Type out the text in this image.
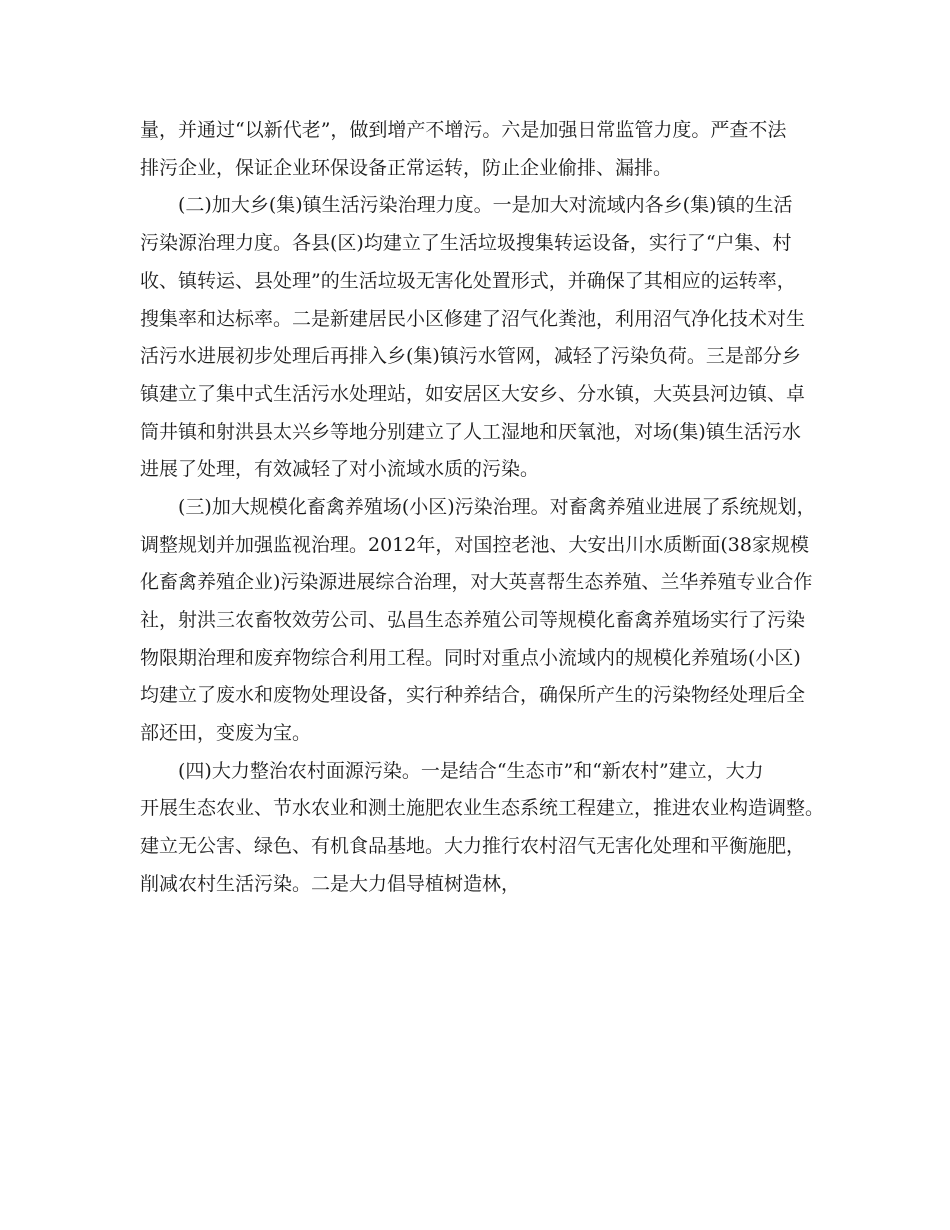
量，并通过“以新代老”，做到增产不增污。六是加强日常监管力度。严查不法
排污企业，保证企业环保设备正常运转，防止企业偷排、漏排。
(二)加大乡(集)镇生活污染治理力度。一是加大对流域内各乡(集)镇的生活
污染源治理力度。各县(区)均建立了生活垃圾搜集转运设备，实行了“户集、村
收、镇转运、县处理”的生活垃圾无害化处置形式，并确保了其相应的运转率，
搜集率和达标率。二是新建居民小区修建了沼气化粪池，利用沼气净化技术对生
活污水进展初步处理后再排入乡(集)镇污水管网，减轻了污染负荷。三是部分乡
镇建立了集中式生活污水处理站，如安居区大安乡、分水镇，大英县河边镇、卓
筒井镇和射洪县太兴乡等地分别建立了人工湿地和厌氧池，对场(集)镇生活污水
进展了处理，有效减轻了对小流域水质的污染。
(三)加大规模化畜禽养殖场(小区)污染治理。对畜禽养殖业进展了系统规划，
调整规划并加强监视治理。2012年，对国控老池、大安出川水质断面(38家规模
化畜禽养殖企业)污染源进展综合治理，对大英喜帮生态养殖、兰华养殖专业合作
社，射洪三农畜牧效劳公司、弘昌生态养殖公司等规模化畜禽养殖场实行了污染
物限期治理和废弃物综合利用工程。同时对重点小流域内的规模化养殖场(小区)
均建立了废水和废物处理设备，实行种养结合，确保所产生的污染物经处理后全
部还田，变废为宝。
(四)大力整治农村面源污染。一是结合“生态市”和“新农村”建立，大力
开展生态农业、节水农业和测土施肥农业生态系统工程建立，推进农业构造调整。
建立无公害、绿色、有机食品基地。大力推行农村沼气无害化处理和平衡施肥，
削减农村生活污染。二是大力倡导植树造林，
